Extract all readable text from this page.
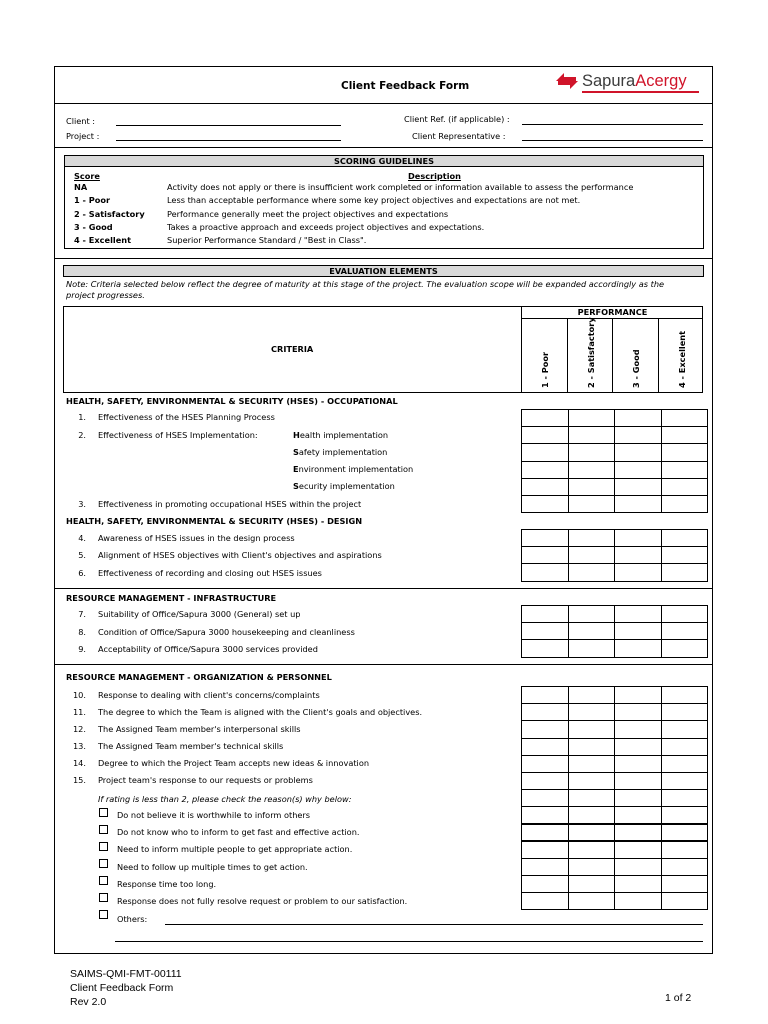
Client Feedback Form	SapuraAcergy
Client :
Project :
Client Ref. (if applicable) :
Client Representative :
SCORING GUIDELINES
Score	Description
NA	Activity does not apply or there is insufficient work completed or information available to assess the performance
1 - Poor	Less than acceptable performance where some key project objectives and expectations are not met.
2 - Satisfactory	Performance generally meet the project objectives and expectations
3 - Good	Takes a proactive approach and exceeds project objectives and expectations.
4 - Excellent	Superior Performance Standard / "Best in Class".
EVALUATION ELEMENTS
Note: Criteria selected below reflect the degree of maturity at this stage of the project. The evaluation scope will be expanded accordingly as the
project progresses.
CRITERIA
PERFORMANCE
1 - Poor	2 - Satisfactory	3 - Good	4 - Excellent
HEALTH, SAFETY, ENVIRONMENTAL & SECURITY (HSES) - OCCUPATIONAL
1. Effectiveness of the HSES Planning Process
2. Effectiveness of HSES Implementation:	Health implementation
Safety implementation
Environment implementation
Security implementation
3. Effectiveness in promoting occupational HSES within the project

HEALTH, SAFETY, ENVIRONMENTAL & SECURITY (HSES) - DESIGN
4. Awareness of HSES issues in the design process
5. Alignment of HSES objectives with Client's objectives and aspirations
6. Effectiveness of recording and closing out HSES issues

RESOURCE MANAGEMENT - INFRASTRUCTURE
7. Suitability of Office/Sapura 3000 (General) set up
8. Condition of Office/Sapura 3000 housekeeping and cleanliness
9. Acceptability of Office/Sapura 3000 services provided

RESOURCE MANAGEMENT - ORGANIZATION & PERSONNEL
10. Response to dealing with client's concerns/complaints
11. The degree to which the Team is aligned with the Client's goals and objectives.
12. The Assigned Team member's interpersonal skills
13. The Assigned Team member's technical skills
14. Degree to which the Project Team accepts new ideas & innovation
15. Project team's response to our requests or problems

If rating is less than 2, please check the reason(s) why below:
Do not believe it is worthwhile to inform others
Do not know who to inform to get fast and effective action.
Need to inform multiple people to get appropriate action.
Need to follow up multiple times to get action.
Response time too long.
Response does not fully resolve request or problem to our satisfaction.
Others:

SAIMS-QMI-FMT-00111
Client Feedback Form
Rev 2.0	1 of 2
